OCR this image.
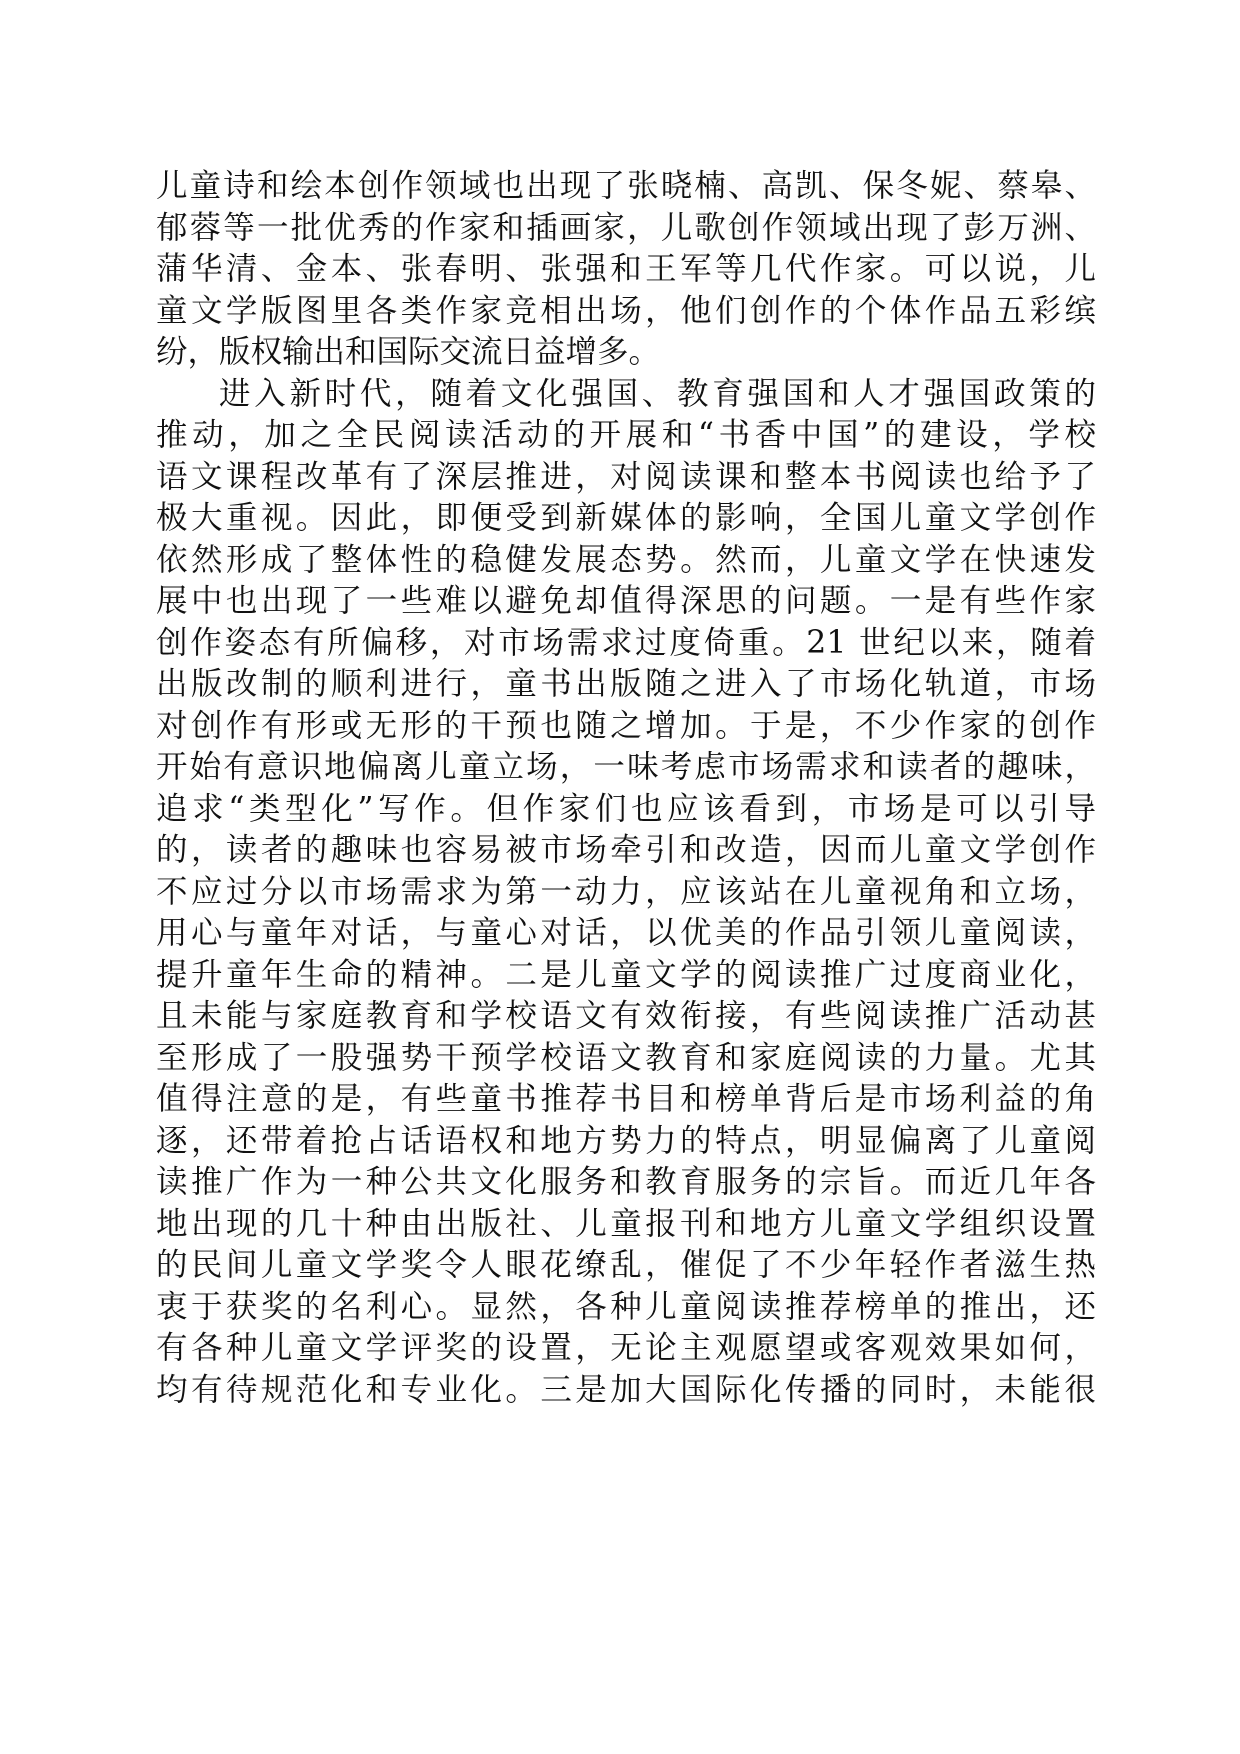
儿童诗和绘本创作领域也出现了张晓楠、高凯、保冬妮、蔡皋、
郁蓉等一批优秀的作家和插画家，儿歌创作领域出现了彭万洲、
蒲华清、金本、张春明、张强和王军等几代作家。可以说，儿
童文学版图里各类作家竞相出场，他们创作的个体作品五彩缤
纷，版权输出和国际交流日益增多。
进入新时代，随着文化强国、教育强国和人才强国政策的
推动，加之全民阅读活动的开展和“书香中国”的建设，学校
语文课程改革有了深层推进，对阅读课和整本书阅读也给予了
极大重视。因此，即便受到新媒体的影响，全国儿童文学创作
依然形成了整体性的稳健发展态势。然而，儿童文学在快速发
展中也出现了一些难以避免却值得深思的问题。一是有些作家
创作姿态有所偏移，对市场需求过度倚重。21 世纪以来，随着
出版改制的顺利进行，童书出版随之进入了市场化轨道，市场
对创作有形或无形的干预也随之增加。于是，不少作家的创作
开始有意识地偏离儿童立场，一味考虑市场需求和读者的趣味，
追求“类型化”写作。但作家们也应该看到，市场是可以引导
的，读者的趣味也容易被市场牵引和改造，因而儿童文学创作
不应过分以市场需求为第一动力，应该站在儿童视角和立场，
用心与童年对话，与童心对话，以优美的作品引领儿童阅读，
提升童年生命的精神。二是儿童文学的阅读推广过度商业化，
且未能与家庭教育和学校语文有效衔接，有些阅读推广活动甚
至形成了一股强势干预学校语文教育和家庭阅读的力量。尤其
值得注意的是，有些童书推荐书目和榜单背后是市场利益的角
逐，还带着抢占话语权和地方势力的特点，明显偏离了儿童阅
读推广作为一种公共文化服务和教育服务的宗旨。而近几年各
地出现的几十种由出版社、儿童报刊和地方儿童文学组织设置
的民间儿童文学奖令人眼花缭乱，催促了不少年轻作者滋生热
衷于获奖的名利心。显然，各种儿童阅读推荐榜单的推出，还
有各种儿童文学评奖的设置，无论主观愿望或客观效果如何，
均有待规范化和专业化。三是加大国际化传播的同时，未能很
